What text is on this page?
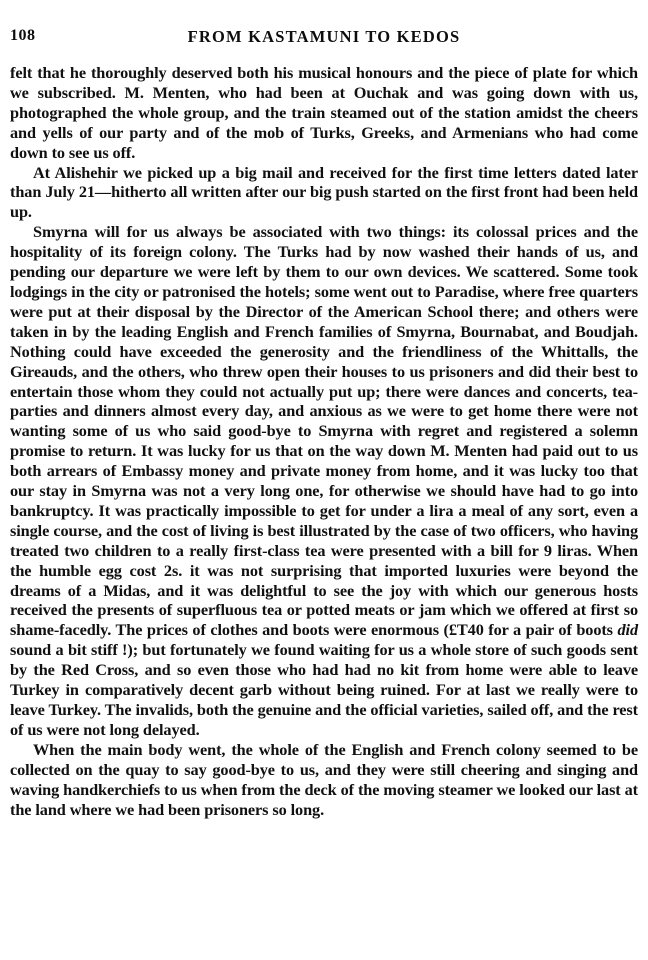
108	FROM KASTAMUNI TO KEDOS

felt that he thoroughly deserved both his musical honours and the piece of plate for which we subscribed. M. Menten, who had been at Ouchak and was going down with us, photographed the whole group, and the train steamed out of the station amidst the cheers and yells of our party and of the mob of Turks, Greeks, and Armenians who had come down to see us off.

At Alishehir we picked up a big mail and received for the first time letters dated later than July 21—hitherto all written after our big push started on the first front had been held up.

Smyrna will for us always be associated with two things: its colossal prices and the hospitality of its foreign colony. The Turks had by now washed their hands of us, and pending our departure we were left by them to our own devices. We scattered. Some took lodgings in the city or patronised the hotels; some went out to Paradise, where free quarters were put at their disposal by the Director of the American School there; and others were taken in by the leading English and French families of Smyrna, Bournabat, and Boudjah. Nothing could have exceeded the generosity and the friendliness of the Whittalls, the Gireauds, and the others, who threw open their houses to us prisoners and did their best to entertain those whom they could not actually put up; there were dances and concerts, tea-parties and dinners almost every day, and anxious as we were to get home there were not wanting some of us who said good-bye to Smyrna with regret and registered a solemn promise to return. It was lucky for us that on the way down M. Menten had paid out to us both arrears of Embassy money and private money from home, and it was lucky too that our stay in Smyrna was not a very long one, for otherwise we should have had to go into bankruptcy. It was practically impossible to get for under a lira a meal of any sort, even a single course, and the cost of living is best illustrated by the case of two officers, who having treated two children to a really first-class tea were presented with a bill for 9 liras. When the humble egg cost 2s. it was not surprising that imported luxuries were beyond the dreams of a Midas, and it was delightful to see the joy with which our generous hosts received the presents of superfluous tea or potted meats or jam which we offered at first so shame-facedly. The prices of clothes and boots were enormous (£T40 for a pair of boots did sound a bit stiff !); but fortunately we found waiting for us a whole store of such goods sent by the Red Cross, and so even those who had had no kit from home were able to leave Turkey in comparatively decent garb without being ruined. For at last we really were to leave Turkey. The invalids, both the genuine and the official varieties, sailed off, and the rest of us were not long delayed.

When the main body went, the whole of the English and French colony seemed to be collected on the quay to say good-bye to us, and they were still cheering and singing and waving handkerchiefs to us when from the deck of the moving steamer we looked our last at the land where we had been prisoners so long.
